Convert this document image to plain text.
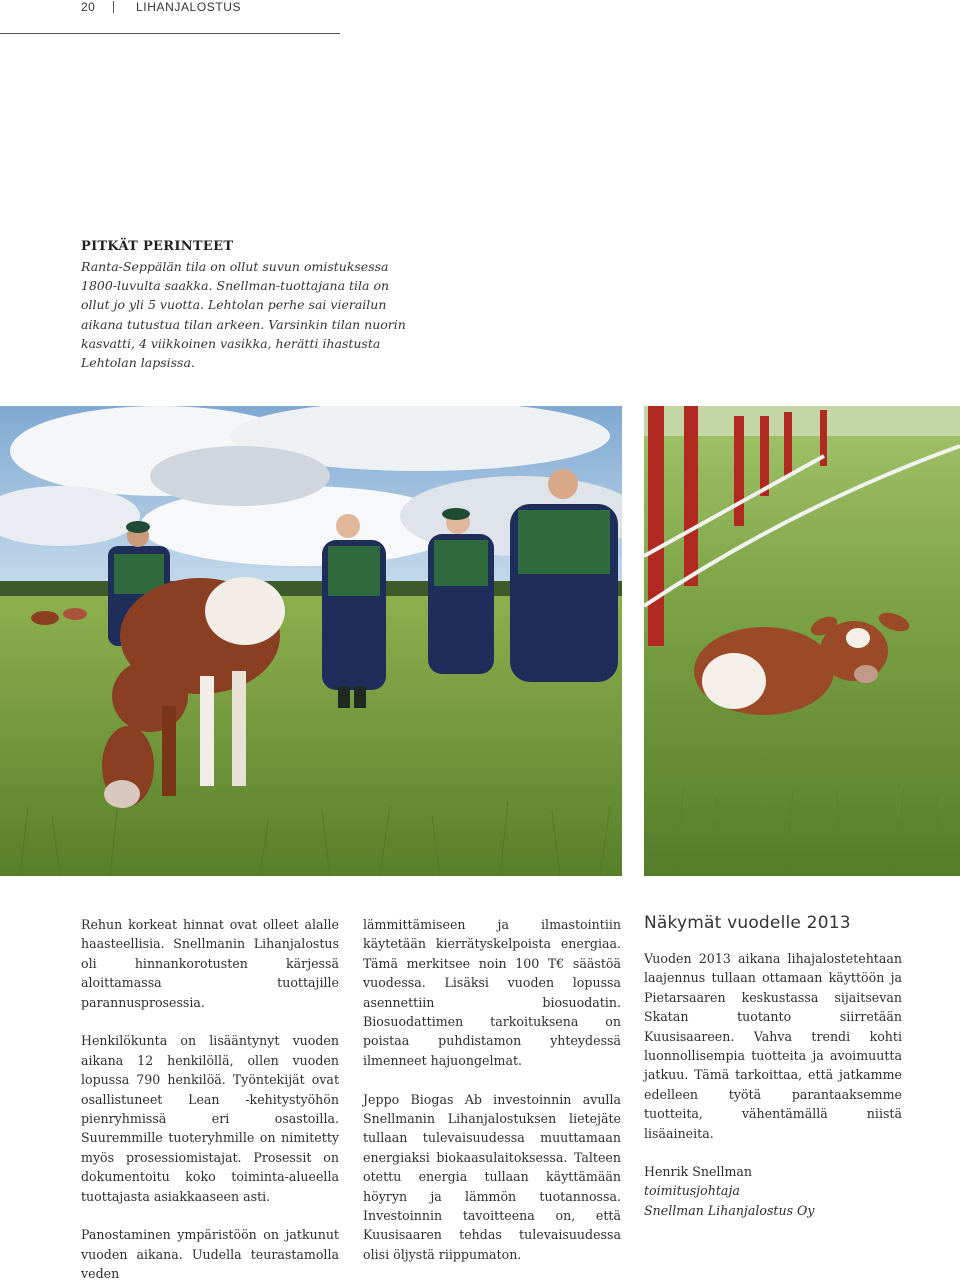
20	LIHANJALOSTUS
PITKÄT PERINTEET

Ranta-Seppälän tila on ollut suvun omistuksessa 1800-luvulta saakka. Snellman-tuottajana tila on ollut jo yli 5 vuotta. Lehtolan perhe sai vierailun aikana tutustua tilan arkeen. Varsinkin tilan nuorin kasvatti, 4 viikkoinen vasikka, herätti ihastusta Lehtolan lapsissa.

Rehun korkeat hinnat ovat olleet alalle haasteellisia. Snellmanin Lihanjalostus oli hinnankorotusten kärjessä aloittamassa tuottajille parannusprosessia.

Henkilökunta on lisääntynyt vuoden aikana 12 henkilöllä, ollen vuoden lopussa 790 henkilöä. Työntekijät ovat osallistuneet Lean -kehitystyöhön pienryhmissä eri osastoilla. Suuremmille tuoteryhmille on nimitetty myös prosessiomistajat. Prosessit on dokumentoitu koko toiminta-alueella tuottajasta asiakkaaseen asti.

Panostaminen ympäristöön on jatkunut vuoden aikana. Uudella teurastamolla veden

lämmittämiseen ja ilmastointiin käytetään kierrätyskelpoista energiaa. Tämä merkitsee noin 100 T€ säästöä vuodessa. Lisäksi vuoden lopussa asennettiin biosuodatin. Biosuodattimen tarkoituksena on poistaa puhdistamon yhteydessä ilmenneet hajuongelmat.

Jeppo Biogas Ab investoinnin avulla Snellmanin Lihanjalostuksen lietejäte tullaan tulevaisuudessa muuttamaan energiaksi biokaasulaitoksessa. Talteen otettu energia tullaan käyttämään höyryn ja lämmön tuotannossa. Investoinnin tavoitteena on, että Kuusisaaren tehdas tulevaisuudessa olisi öljystä riippumaton.

Näkymät vuodelle 2013

Vuoden 2013 aikana lihajalostetehtaan laajennus tullaan ottamaan käyttöön ja Pietarsaaren keskustassa sijaitsevan Skatan tuotanto siirretään Kuusisaareen. Vahva trendi kohti luonnollisempia tuotteita ja avoimuutta jatkuu. Tämä tarkoittaa, että jatkamme edelleen työtä parantaaksemme tuotteita, vähentämällä niistä lisäaineita.

Henrik Snellman
toimitusjohtaja
Snellman Lihanjalostus Oy
